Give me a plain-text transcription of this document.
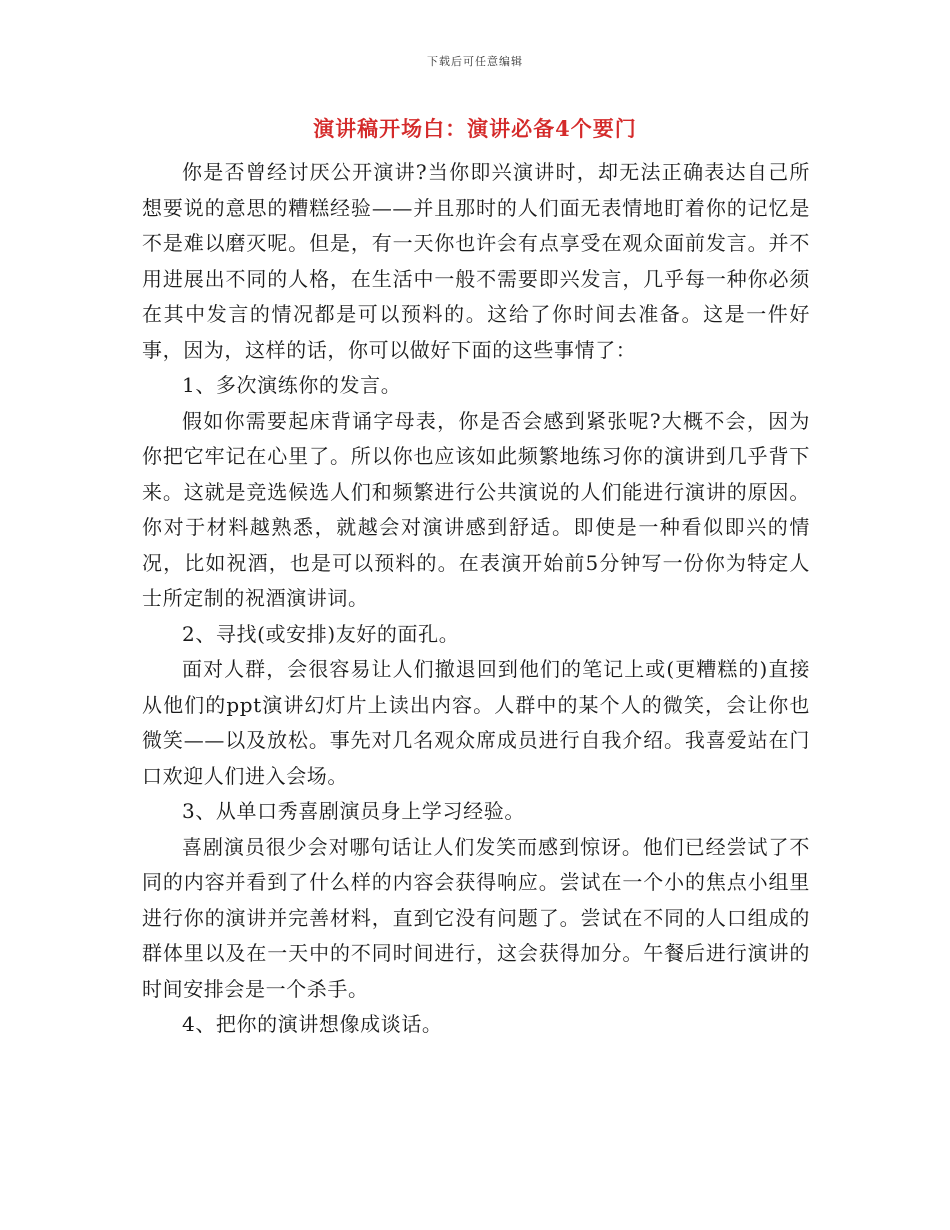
下载后可任意编辑
演讲稿开场白：演讲必备4个要门

你是否曾经讨厌公开演讲?当你即兴演讲时，却无法正确表达自己所想要说的意思的糟糕经验——并且那时的人们面无表情地盯着你的记忆是不是难以磨灭呢。但是，有一天你也许会有点享受在观众面前发言。并不用进展出不同的人格，在生活中一般不需要即兴发言，几乎每一种你必须在其中发言的情况都是可以预料的。这给了你时间去准备。这是一件好事，因为，这样的话，你可以做好下面的这些事情了：

1、多次演练你的发言。

假如你需要起床背诵字母表，你是否会感到紧张呢?大概不会，因为你把它牢记在心里了。所以你也应该如此频繁地练习你的演讲到几乎背下来。这就是竞选候选人们和频繁进行公共演说的人们能进行演讲的原因。你对于材料越熟悉，就越会对演讲感到舒适。即使是一种看似即兴的情况，比如祝酒，也是可以预料的。在表演开始前5分钟写一份你为特定人士所定制的祝酒演讲词。

2、寻找(或安排)友好的面孔。

面对人群，会很容易让人们撤退回到他们的笔记上或(更糟糕的)直接从他们的ppt演讲幻灯片上读出内容。人群中的某个人的微笑，会让你也微笑——以及放松。事先对几名观众席成员进行自我介绍。我喜爱站在门口欢迎人们进入会场。

3、从单口秀喜剧演员身上学习经验。

喜剧演员很少会对哪句话让人们发笑而感到惊讶。他们已经尝试了不同的内容并看到了什么样的内容会获得响应。尝试在一个小的焦点小组里进行你的演讲并完善材料，直到它没有问题了。尝试在不同的人口组成的群体里以及在一天中的不同时间进行，这会获得加分。午餐后进行演讲的时间安排会是一个杀手。

4、把你的演讲想像成谈话。
